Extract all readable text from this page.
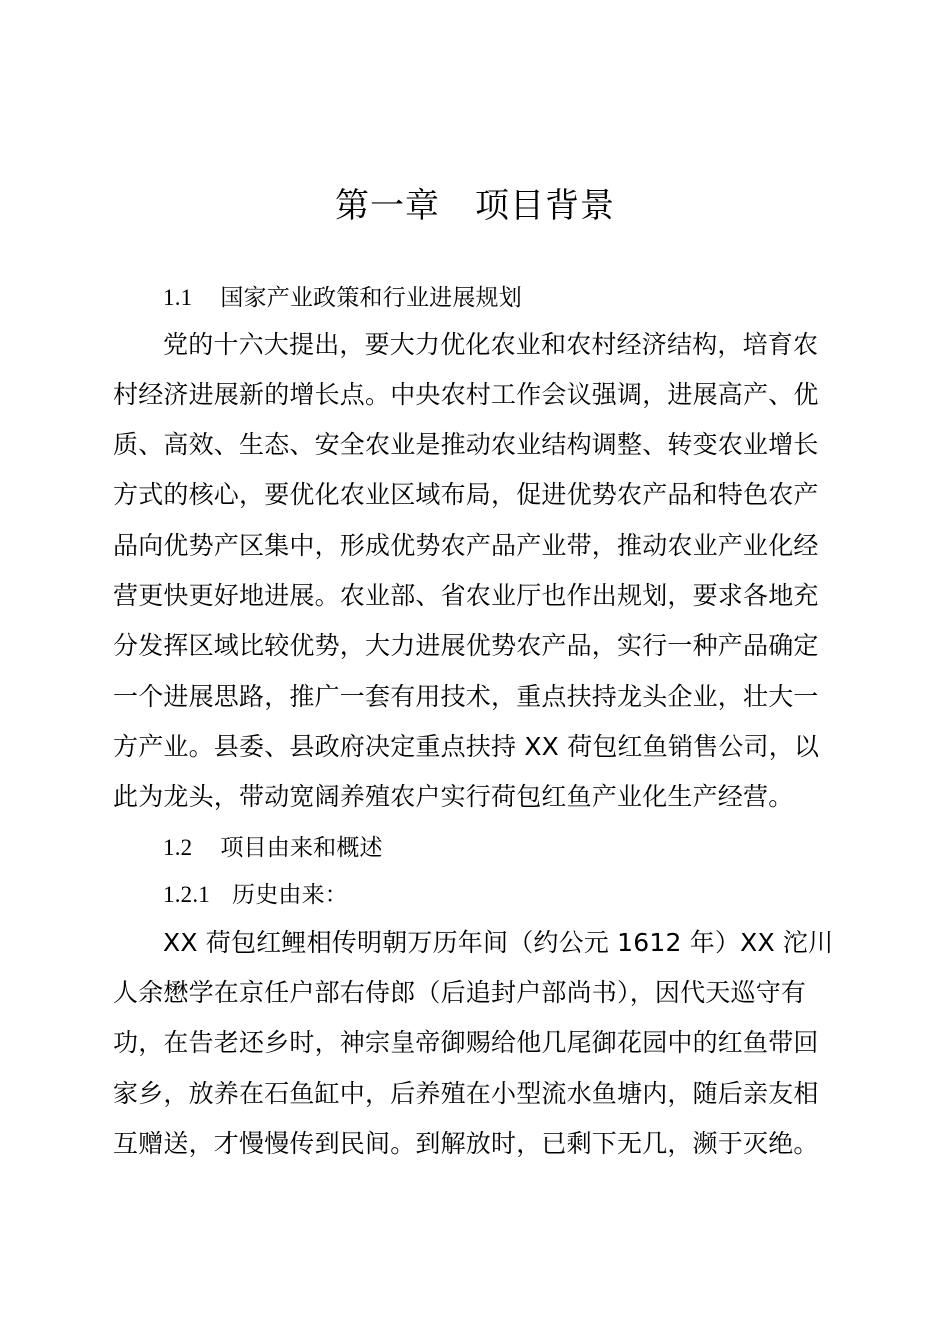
第一章　项目背景
1.1 国家产业政策和行业进展规划
党的十六大提出，要大力优化农业和农村经济结构，培育农
村经济进展新的增长点。中央农村工作会议强调，进展高产、优
质、高效、生态、安全农业是推动农业结构调整、转变农业增长
方式的核心，要优化农业区域布局，促进优势农产品和特色农产
品向优势产区集中，形成优势农产品产业带，推动农业产业化经
营更快更好地进展。农业部、省农业厅也作出规划，要求各地充
分发挥区域比较优势，大力进展优势农产品，实行一种产品确定
一个进展思路，推广一套有用技术，重点扶持龙头企业，壮大一
方产业。县委、县政府决定重点扶持 XX 荷包红鱼销售公司，以
此为龙头，带动宽阔养殖农户实行荷包红鱼产业化生产经营。
1.2 项目由来和概述
1.2.1 历史由来：
XX 荷包红鲤相传明朝万历年间（约公元 1612 年）XX 沱川
人余懋学在京任户部右侍郎（后追封户部尚书），因代天巡守有
功，在告老还乡时，神宗皇帝御赐给他几尾御花园中的红鱼带回
家乡，放养在石鱼缸中，后养殖在小型流水鱼塘内，随后亲友相
互赠送，才慢慢传到民间。到解放时，已剩下无几，濒于灭绝。
